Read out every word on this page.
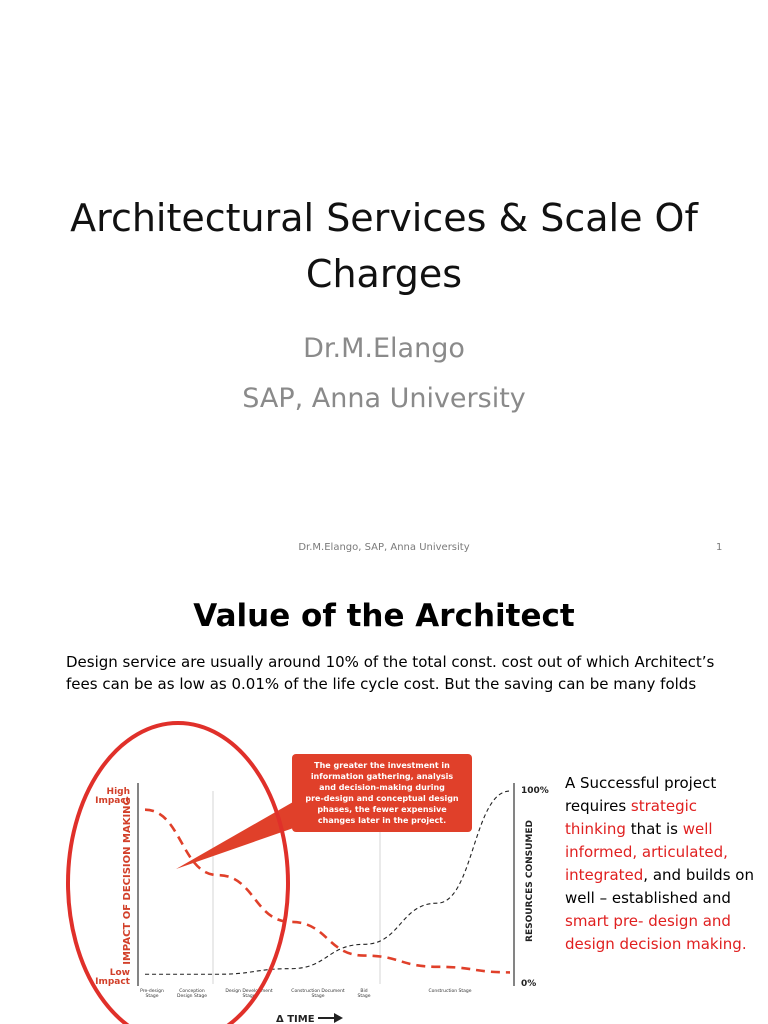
Architectural Services & Scale Of
Charges
Dr.M.Elango
SAP, Anna University
Dr.M.Elango, SAP, Anna University	1
Value of the Architect
Design service are usually around 10% of the total const. cost out of which Architect’s fees can be as low as 0.01% of the life cycle cost. But the saving can be many folds
IMPACT OF DECISION MAKING	RESOURCES CONSUMED
High
Impact
Low
Impact
100%
0%
Pre-design
Stage
Conception
Design Stage
Design Development
Stage
Construction Document
Stage
Bid
Stage
Construction Stage
The greater the investment in
information gathering, analysis
and decision-making during
pre-design and conceptual design
phases, the fewer expensive
changes later in the project.
Δ TIME
A Successful project requires strategic thinking that is well informed, articulated, integrated, and builds on well – established and smart pre- design and design decision making.
